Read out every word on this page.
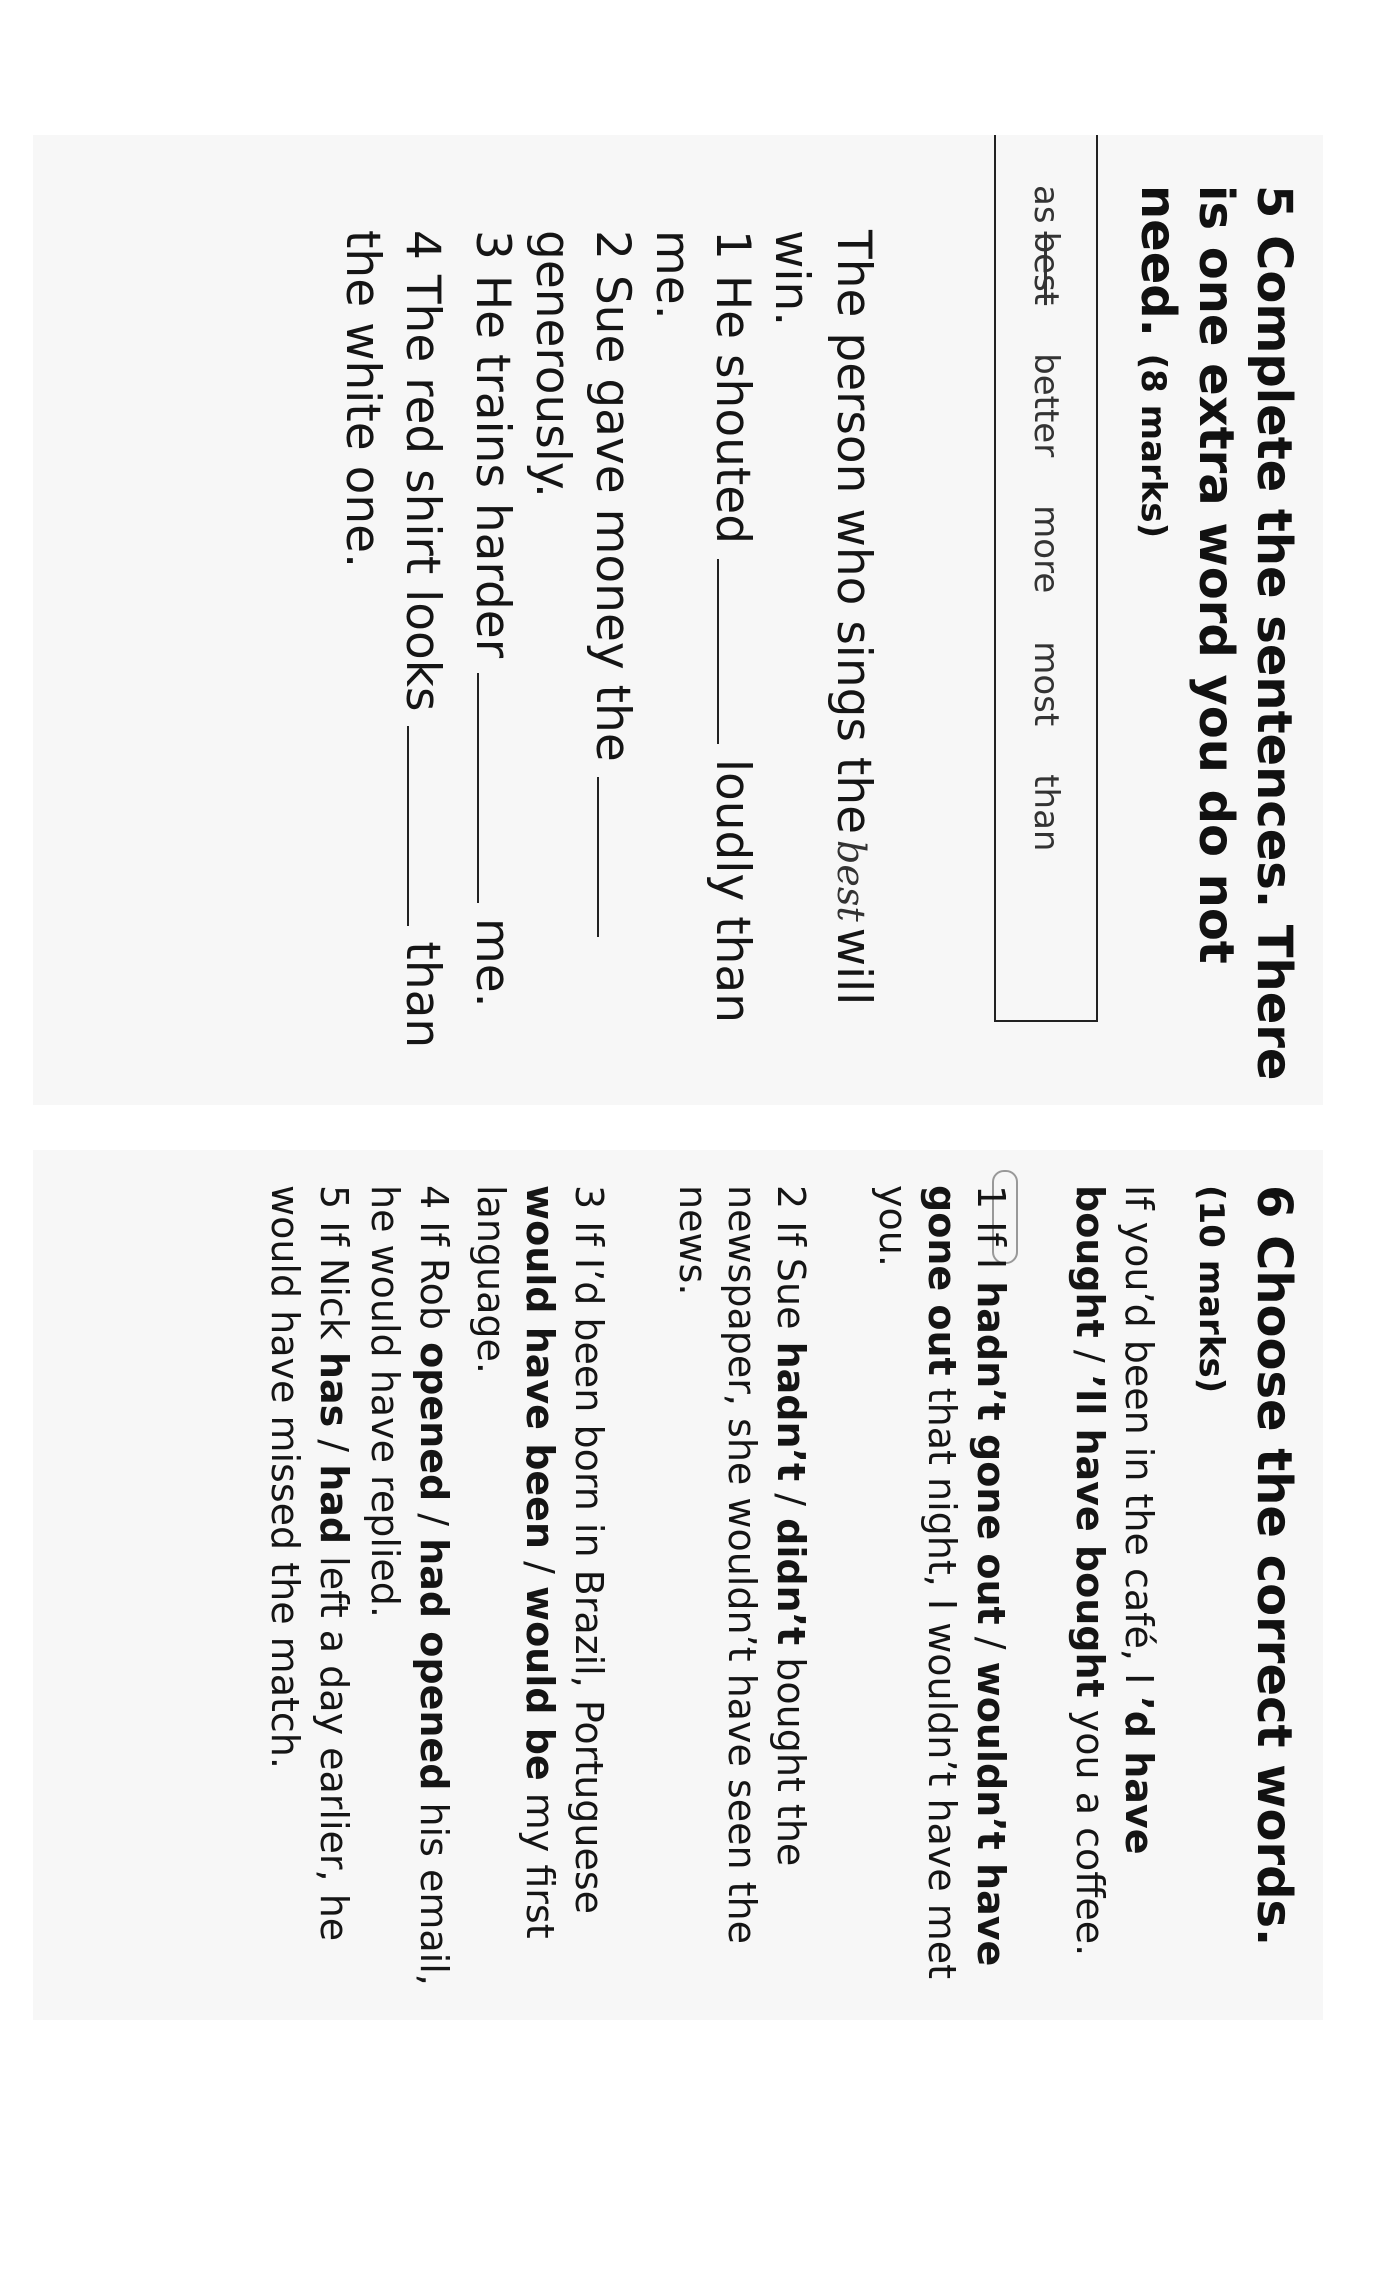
5 Complete the sentences. There is one extra word you do not need. (8 marks)
as
best
better
more
most
than
The person who sings thebestwill win.
1 He shouted  loudly than me.
2 Sue gave money the  generously.
3 He trains harder  me.
4 The red shirt looks  than the white one.
6 Choose the correct words. (10 marks)
If you’d been in the café, I ’d have bought / ’ll have bought you a coffee.
1 If I hadn’t gone out / wouldn’t have gone out that night, I wouldn’t have met you.
2 If Sue hadn’t / didn’t bought the newspaper, she wouldn’t have seen the news.
3 If I’d been born in Brazil, Portuguese would have been / would be my first language.
4 If Rob opened / had opened his email, he would have replied.
5 If Nick has / had left a day earlier, he would have missed the match.
